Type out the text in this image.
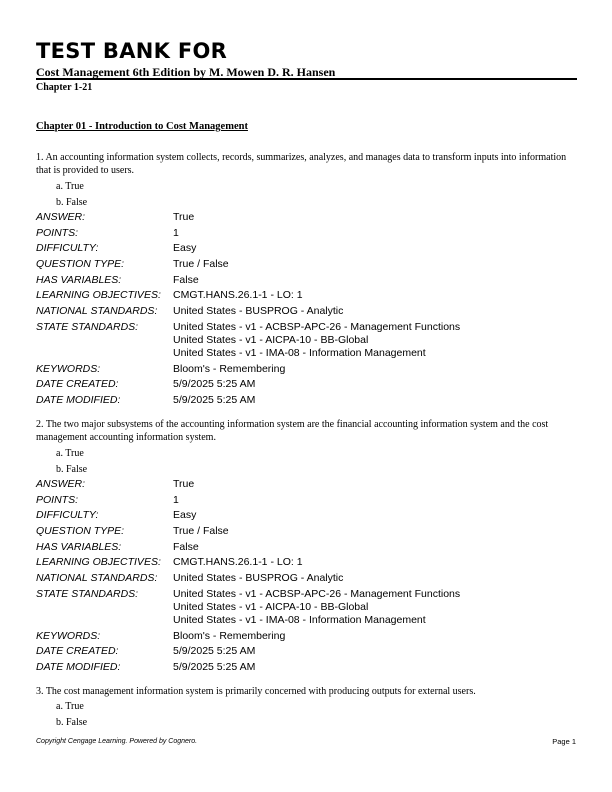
TEST BANK FOR

Cost Management 6th Edition by M. Mowen D. R. Hansen

Chapter 1-21

Chapter 01 - Introduction to Cost Management

1. An accounting information system collects, records, summarizes, analyzes, and manages data to transform inputs into information that is provided to users.

a. True
b. False
ANSWER:	True
POINTS:	1
DIFFICULTY:	Easy
QUESTION TYPE:	True / False
HAS VARIABLES:	False
LEARNING OBJECTIVES:	CMGT.HANS.26.1-1 - LO: 1
NATIONAL STANDARDS:	United States - BUSPROG - Analytic
STATE STANDARDS:	United States - v1 - ACBSP-APC-26 - Management Functions
United States - v1 - AICPA-10 - BB-Global
United States - v1 - IMA-08 - Information Management
KEYWORDS:	Bloom's - Remembering
DATE CREATED:	5/9/2025 5:25 AM
DATE MODIFIED:	5/9/2025 5:25 AM

2. The two major subsystems of the accounting information system are the financial accounting information system and the cost management accounting information system.

a. True
b. False
ANSWER:	True
POINTS:	1
DIFFICULTY:	Easy
QUESTION TYPE:	True / False
HAS VARIABLES:	False
LEARNING OBJECTIVES:	CMGT.HANS.26.1-1 - LO: 1
NATIONAL STANDARDS:	United States - BUSPROG - Analytic
STATE STANDARDS:	United States - v1 - ACBSP-APC-26 - Management Functions
United States - v1 - AICPA-10 - BB-Global
United States - v1 - IMA-08 - Information Management
KEYWORDS:	Bloom's - Remembering
DATE CREATED:	5/9/2025 5:25 AM
DATE MODIFIED:	5/9/2025 5:25 AM

3. The cost management information system is primarily concerned with producing outputs for external users.

a. True
b. False
Copyright Cengage Learning. Powered by Cognero.	Page 1
